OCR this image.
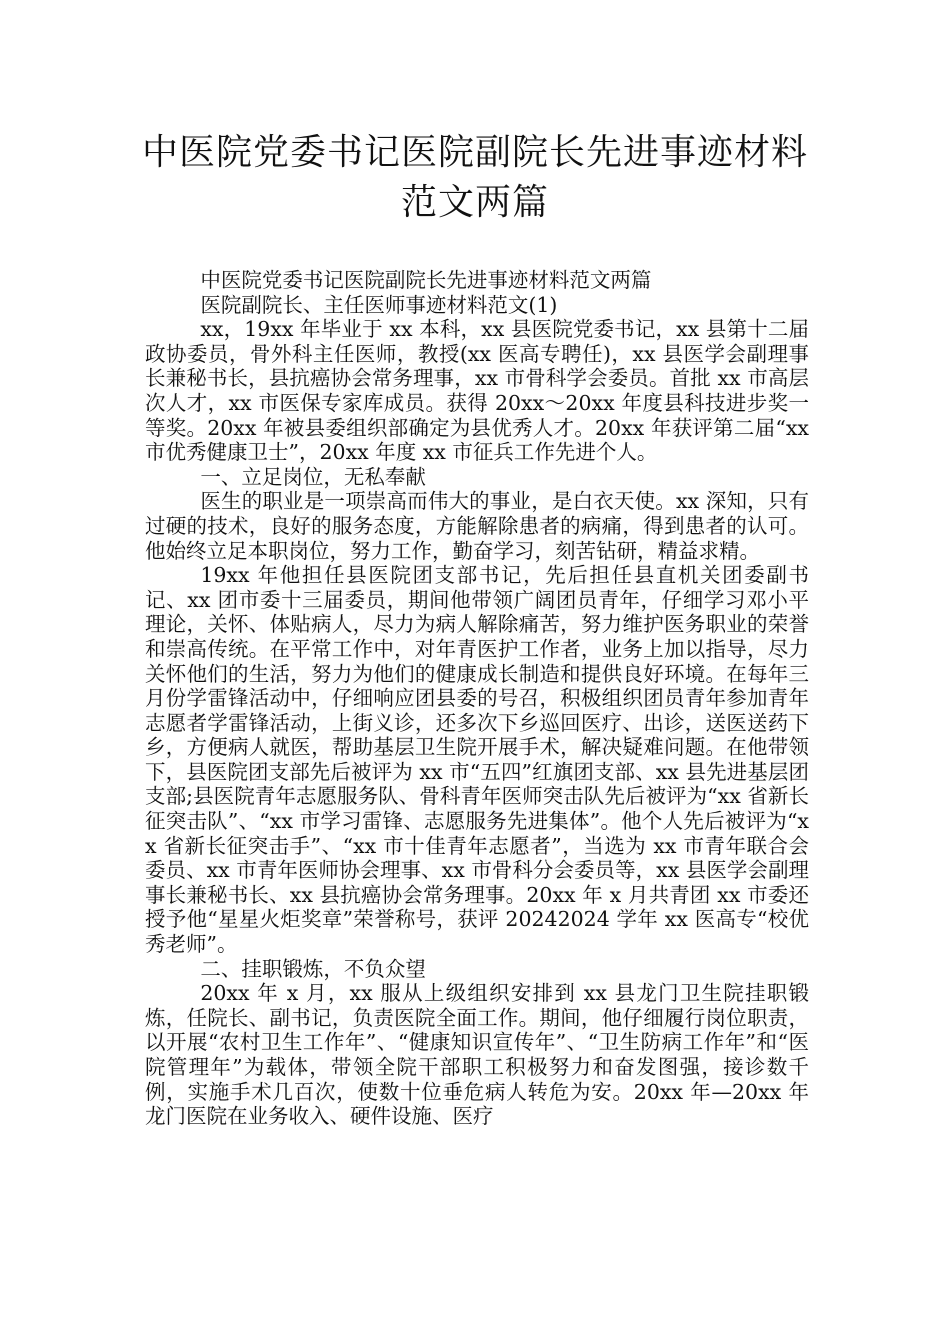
中医院党委书记医院副院长先进事迹材料
范文两篇

中医院党委书记医院副院长先进事迹材料范文两篇

医院副院长、主任医师事迹材料范文(1)

xx，19xx 年毕业于 xx 本科，xx 县医院党委书记，xx 县第十二届政协委员，骨外科主任医师，教授(xx 医高专聘任)，xx 县医学会副理事长兼秘书长，县抗癌协会常务理事，xx 市骨科学会委员。首批 xx 市高层次人才，xx 市医保专家库成员。获得 20xx～20xx 年度县科技进步奖一等奖。20xx 年被县委组织部确定为县优秀人才。20xx 年获评第二届“xx 市优秀健康卫士”，20xx 年度 xx 市征兵工作先进个人。

一、立足岗位，无私奉献

医生的职业是一项崇高而伟大的事业，是白衣天使。xx 深知，只有过硬的技术，良好的服务态度，方能解除患者的病痛，得到患者的认可。他始终立足本职岗位，努力工作，勤奋学习，刻苦钻研，精益求精。

19xx 年他担任县医院团支部书记，先后担任县直机关团委副书记、xx 团市委十三届委员，期间他带领广阔团员青年，仔细学习邓小平理论，关怀、体贴病人，尽力为病人解除痛苦，努力维护医务职业的荣誉和崇高传统。在平常工作中，对年青医护工作者，业务上加以指导，尽力关怀他们的生活，努力为他们的健康成长制造和提供良好环境。在每年三月份学雷锋活动中，仔细响应团县委的号召，积极组织团员青年参加青年志愿者学雷锋活动，上街义诊，还多次下乡巡回医疗、出诊，送医送药下乡，方便病人就医，帮助基层卫生院开展手术，解决疑难问题。在他带领下，县医院团支部先后被评为 xx 市“五四”红旗团支部、xx 县先进基层团支部;县医院青年志愿服务队、骨科青年医师突击队先后被评为“xx 省新长征突击队”、“xx 市学习雷锋、志愿服务先进集体”。他个人先后被评为“xx 省新长征突击手”、“xx 市十佳青年志愿者”，当选为 xx 市青年联合会委员、xx 市青年医师协会理事、xx 市骨科分会委员等，xx 县医学会副理事长兼秘书长、xx 县抗癌协会常务理事。20xx 年 x 月共青团 xx 市委还授予他“星星火炬奖章”荣誉称号，获评 20242024 学年 xx 医高专“校优秀老师”。

二、挂职锻炼，不负众望

20xx 年 x 月，xx 服从上级组织安排到 xx 县龙门卫生院挂职锻炼，任院长、副书记，负责医院全面工作。期间，他仔细履行岗位职责，以开展“农村卫生工作年”、“健康知识宣传年”、“卫生防病工作年”和“医院管理年”为载体，带领全院干部职工积极努力和奋发图强，接诊数千例，实施手术几百次，使数十位垂危病人转危为安。20xx 年—20xx 年龙门医院在业务收入、硬件设施、医疗
